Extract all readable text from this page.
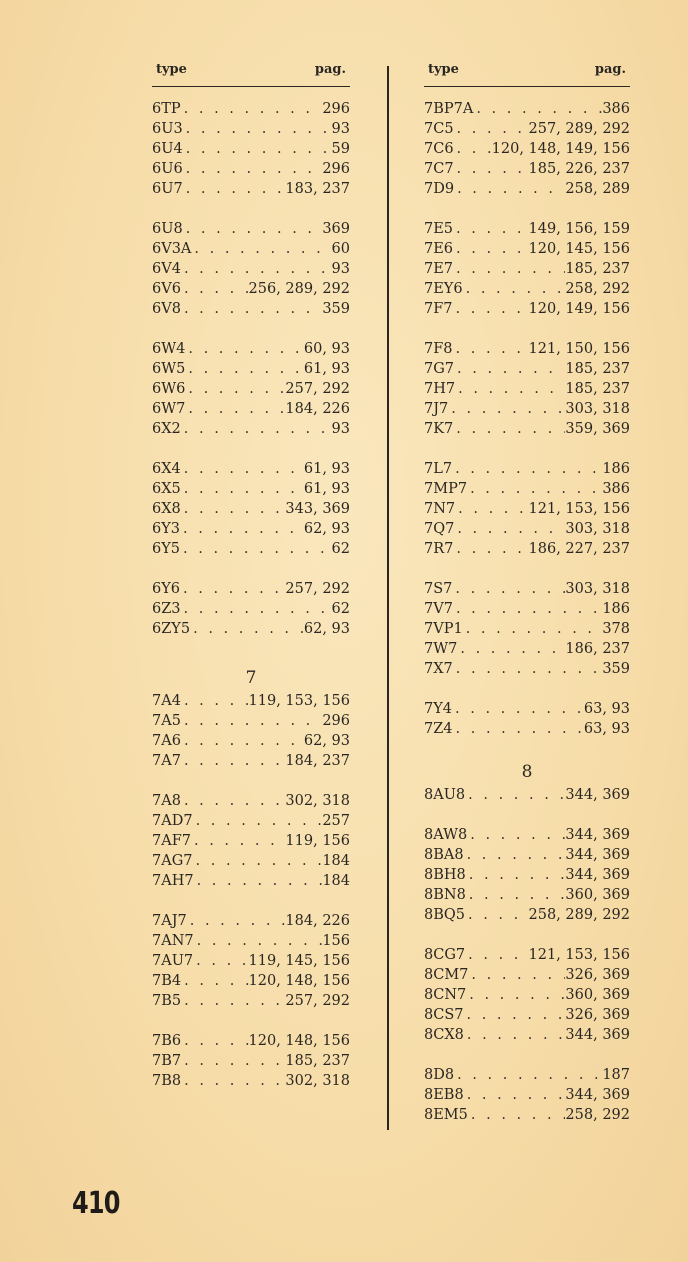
type	pag.
6TP . . .	296
6U3 . . .	93
6U4 . . .	59
6U6 . . .	296
6U7 . . .	183, 237
6U8 . . .	369
6V3A . . .	60
6V4 . . .	93
6V6 . . .	256, 289, 292
6V8 . . .	359
6W4 . . .	60, 93
6W5 . . .	61, 93
6W6 . . .	257, 292
6W7 . . .	184, 226
6X2 . . .	93
6X4 . . .	61, 93
6X5 . . .	61, 93
6X8 . . .	343, 369
6Y3 . . .	62, 93
6Y5 . . .	62
6Y6 . . .	257, 292
6Z3 . . .	62
6ZY5 . . .	62, 93
7
7A4 . . .	119, 153, 156
7A5 . . .	296
7A6 . . .	62, 93
7A7 . . .	184, 237
7A8 . . .	302, 318
7AD7 . . .	257
7AF7 . . .	119, 156
7AG7 . . .	184
7AH7 . . .	184
7AJ7 . . .	184, 226
7AN7 . . .	156
7AU7 . . .	119, 145, 156
7B4 . . .	120, 148, 156
7B5 . . .	257, 292
7B6 . . .	120, 148, 156
7B7 . . .	185, 237
7B8 . . .	302, 318
type	pag.
7BP7A . . .	386
7C5 . . .	257, 289, 292
7C6 . . .	120, 148, 149, 156
7C7 . . .	185, 226, 237
7D9 . . .	258, 289
7E5 . . .	149, 156, 159
7E6 . . .	120, 145, 156
7E7 . . .	185, 237
7EY6 . . .	258, 292
7F7 . . .	120, 149, 156
7F8 . . .	121, 150, 156
7G7 . . .	185, 237
7H7 . . .	185, 237
7J7 . . .	303, 318
7K7 . . .	359, 369
7L7 . . .	186
7MP7 . . .	386
7N7 . . .	121, 153, 156
7Q7 . . .	303, 318
7R7 . . .	186, 227, 237
7S7 . . .	303, 318
7V7 . . .	186
7VP1 . . .	378
7W7 . . .	186, 237
7X7 . . .	359
7Y4 . . .	63, 93
7Z4 . . .	63, 93
8
8AU8 . . .	344, 369
8AW8 . . .	344, 369
8BA8 . . .	344, 369
8BH8 . . .	344, 369
8BN8 . . .	360, 369
8BQ5 . . .	258, 289, 292
8CG7 . . .	121, 153, 156
8CM7 . . .	326, 369
8CN7 . . .	360, 369
8CS7 . . .	326, 369
8CX8 . . .	344, 369
8D8 . . .	187
8EB8 . . .	344, 369
8EM5 . . .	258, 292
410
